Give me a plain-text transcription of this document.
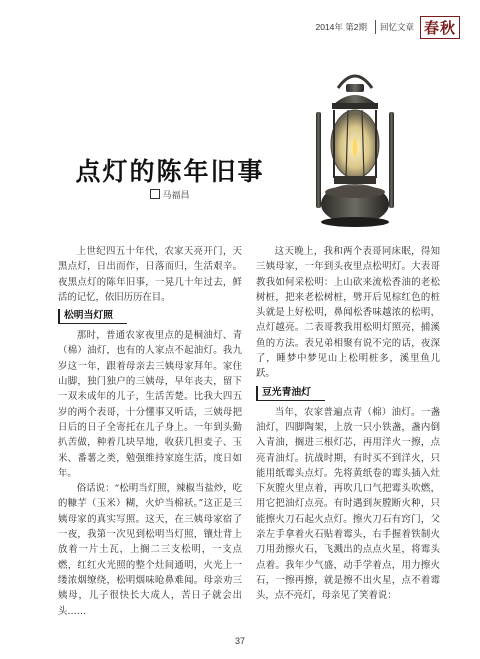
2014年 第2期 回忆文章 春秋
点灯的陈年旧事
马福昌

上世纪四五十年代，农家天亮开门，天黑点灯，日出而作，日落而归，生活艰辛。夜黑点灯的陈年旧事，一晃几十年过去，鲜活的记忆，依旧历历在目。

松明当灯照

那时，普通农家夜里点的是桐油灯、青（棉）油灯，也有的人家点不起油灯。我九岁这一年，跟着母亲去三姨母家拜年。家住山脚，独门独户的三姨母，早年丧夫，留下一双未成年的儿子，生活苦楚。比我大四五岁的两个表哥，十分懂事又听话，三姨母把日后的日子全寄托在儿子身上。一年到头勤扒苦做，种着几块旱地，收获几担麦子、玉米、番薯之类，勉强维持家庭生活，度日如年。

俗话说：“松明当灯照，辣椒当盐炒，吃的糠芋（玉米）糊，火炉当棉袄。”这正是三姨母家的真实写照。这天，在三姨母家宿了一夜，我第一次见到松明当灯照，镶灶背上放着一片土瓦，上搁二三支松明，一支点燃，红红火光照的整个灶间通明，火光上一缕浓烟缭绕，松明烟味呛鼻难闻。母亲劝三姨母，儿子很快长大成人，苦日子就会出头……

这天晚上，我和两个表哥同床眠，得知三姨母家，一年到头夜里点松明灯。大表哥教我如何采松明：上山砍来流松香油的老松树桩，把来老松树桩，劈开后见棕红色的桩头就是上好松明，鼻闻松香味越浓的松明，点灯越亮。二表哥教我用松明灯照亮，捕溪鱼的方法。表兄弟相聚有说不完的话，夜深了，睡梦中梦见山上松明桩多，溪里鱼儿跃。

豆光青油灯

当年，农家普遍点青（棉）油灯。一盏油灯，四脚陶架，上放一只小铁盏，盏内倒入青油，搁进三根灯芯，再用洋火一擦，点亮青油灯。抗战时期，有时买不到洋火，只能用纸霉头点灯。先将黄纸卷的霉头插入灶下灰膛火里点着，再吹几口气把霉头吹燃，用它把油灯点亮。有时遇到灰膛断火种，只能擦火刀石起火点灯。擦火刀石有窍门，父亲左手拿着火石贴着霉头，右手握着铁制火刀用劲擦火石，飞溅出的点点火星，将霉头点着。我年少气盛，动手学着点，用力擦火石，一擦再擦，就是擦不出火星，点不着霉头，点不亮灯，母亲见了笑着说：

37
